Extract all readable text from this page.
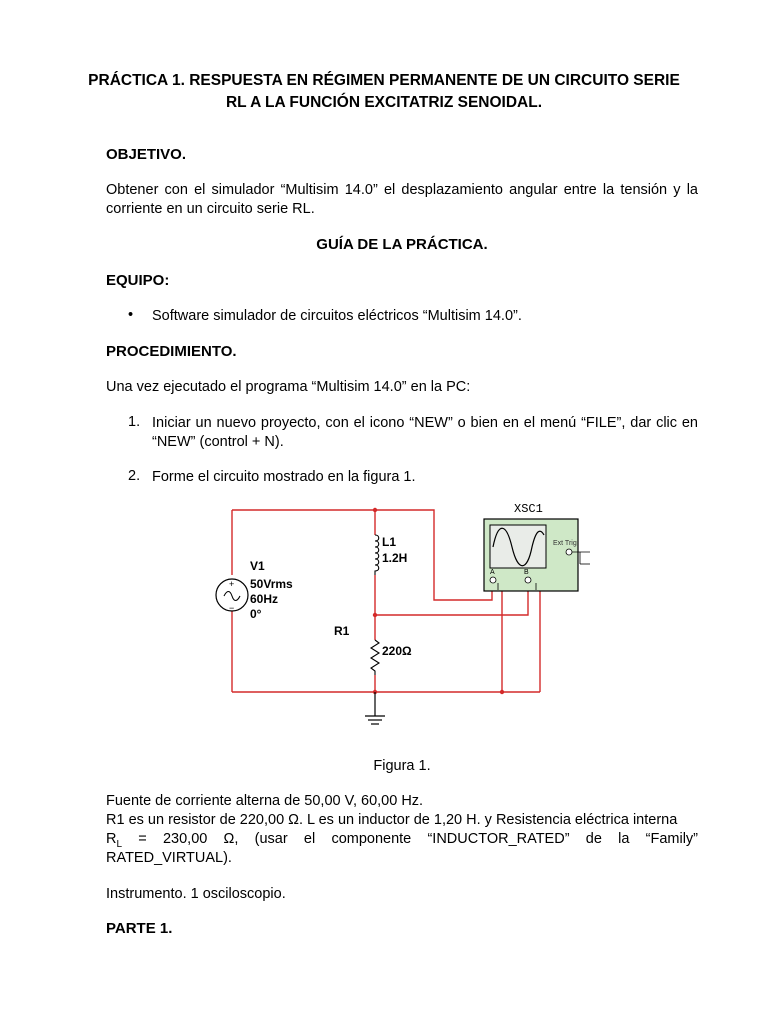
PRÁCTICA 1. RESPUESTA EN RÉGIMEN PERMANENTE DE UN CIRCUITO SERIE
RL A LA FUNCIÓN EXCITATRIZ SENOIDAL.

OBJETIVO.

Obtener con el simulador “Multisim 14.0” el desplazamiento angular entre la tensión y la corriente en un circuito serie RL.

GUÍA DE LA PRÁCTICA.

EQUIPO:

• Software simulador de circuitos eléctricos “Multisim 14.0”.

PROCEDIMIENTO.

Una vez ejecutado el programa “Multisim 14.0” en la PC:

1. Iniciar un nuevo proyecto, con el icono “NEW” o bien en el menú “FILE”, dar clic en “NEW” (control + N).
2. Forme el circuito mostrado en la figura 1.
+
−
V1
50Vrms
60Hz
0°
L1
1.2H
R1
220Ω
XSC1
Ext Trig
A	B

Figura 1.

Fuente de corriente alterna de 50,00 V, 60,00 Hz.

R1 es un resistor de 220,00 Ω. L es un inductor de 1,20 H. y Resistencia eléctrica interna

$R_L = 230,00$ Ω, (usar el componente “INDUCTOR_RATED” de la “Family”

RATED_VIRTUAL).

Instrumento. 1 osciloscopio.

PARTE 1.
